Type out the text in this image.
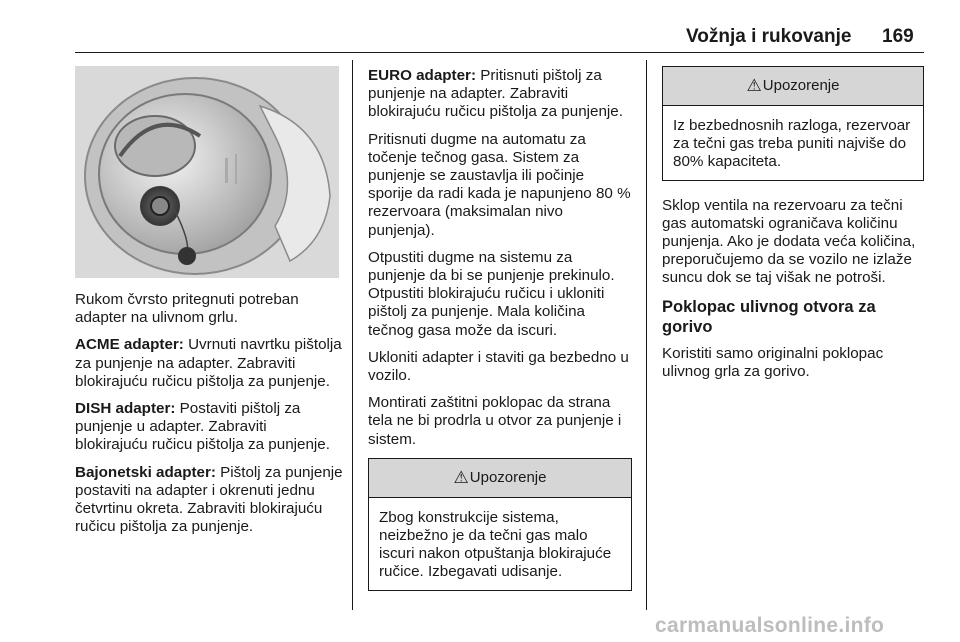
Vožnja i rukovanje 169

Rukom čvrsto pritegnuti potreban adapter na ulivnom grlu.

ACME adapter: Uvrnuti navrtku pištolja za punjenje na adapter. Zabraviti blokirajuću ručicu pištolja za punjenje.

DISH adapter: Postaviti pištolj za punjenje u adapter. Zabraviti blokirajuću ručicu pištolja za punjenje.

Bajonetski adapter: Pištolj za punjenje postaviti na adapter i okrenuti jednu četvrtinu okreta. Zabraviti blokirajuću ručicu pištolja za punjenje.

EURO adapter: Pritisnuti pištolj za punjenje na adapter. Zabraviti blokirajuću ručicu pištolja za punjenje.

Pritisnuti dugme na automatu za točenje tečnog gasa. Sistem za punjenje se zaustavlja ili počinje sporije da radi kada je napunjeno 80 % rezervoara (maksimalan nivo punjenja).

Otpustiti dugme na sistemu za punjenje da bi se punjenje prekinulo. Otpustiti blokirajuću ručicu i ukloniti pištolj za punjenje. Mala količina tečnog gasa može da iscuri.

Ukloniti adapter i staviti ga bezbedno u vozilo.

Montirati zaštitni poklopac da strana tela ne bi prodrla u otvor za punjenje i sistem.

⚠ Upozorenje
Zbog konstrukcije sistema, neizbežno je da tečni gas malo iscuri nakon otpuštanja blokirajuće ručice. Izbegavati udisanje.
⚠ Upozorenje
Iz bezbednosnih razloga, rezervoar za tečni gas treba puniti najviše do 80% kapaciteta.

Sklop ventila na rezervoaru za tečni gas automatski ograničava količinu punjenja. Ako je dodata veća količina, preporučujemo da se vozilo ne izlaže suncu dok se taj višak ne potroši.

Poklopac ulivnog otvora za gorivo

Koristiti samo originalni poklopac ulivnog grla za gorivo.

carmanualsonline.info
